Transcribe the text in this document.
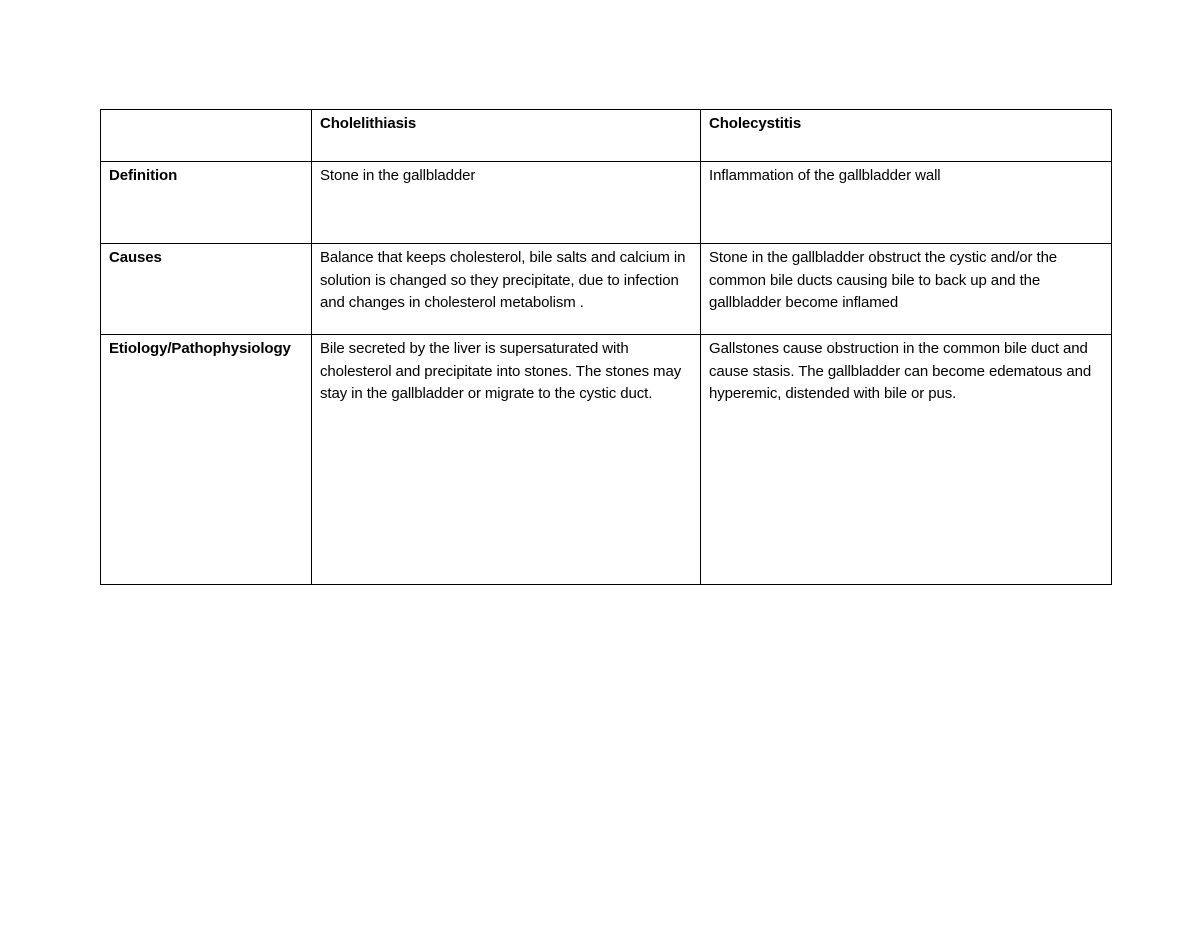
	Cholelithiasis	Cholecystitis
Definition	Stone in the gallbladder	Inflammation of the gallbladder wall
Causes	Balance that keeps cholesterol, bile salts and calcium in solution is changed so they precipitate, due to infection and changes in cholesterol metabolism .	Stone in the gallbladder obstruct the cystic and/or the common bile ducts causing bile to back up and the gallbladder become inflamed
Etiology/Pathophysiology	Bile secreted by the liver is supersaturated with cholesterol and precipitate into stones. The stones may stay in the gallbladder or migrate to the cystic duct.	Gallstones cause obstruction in the common bile duct and cause stasis. The gallbladder can become edematous and hyperemic, distended with bile or pus.
